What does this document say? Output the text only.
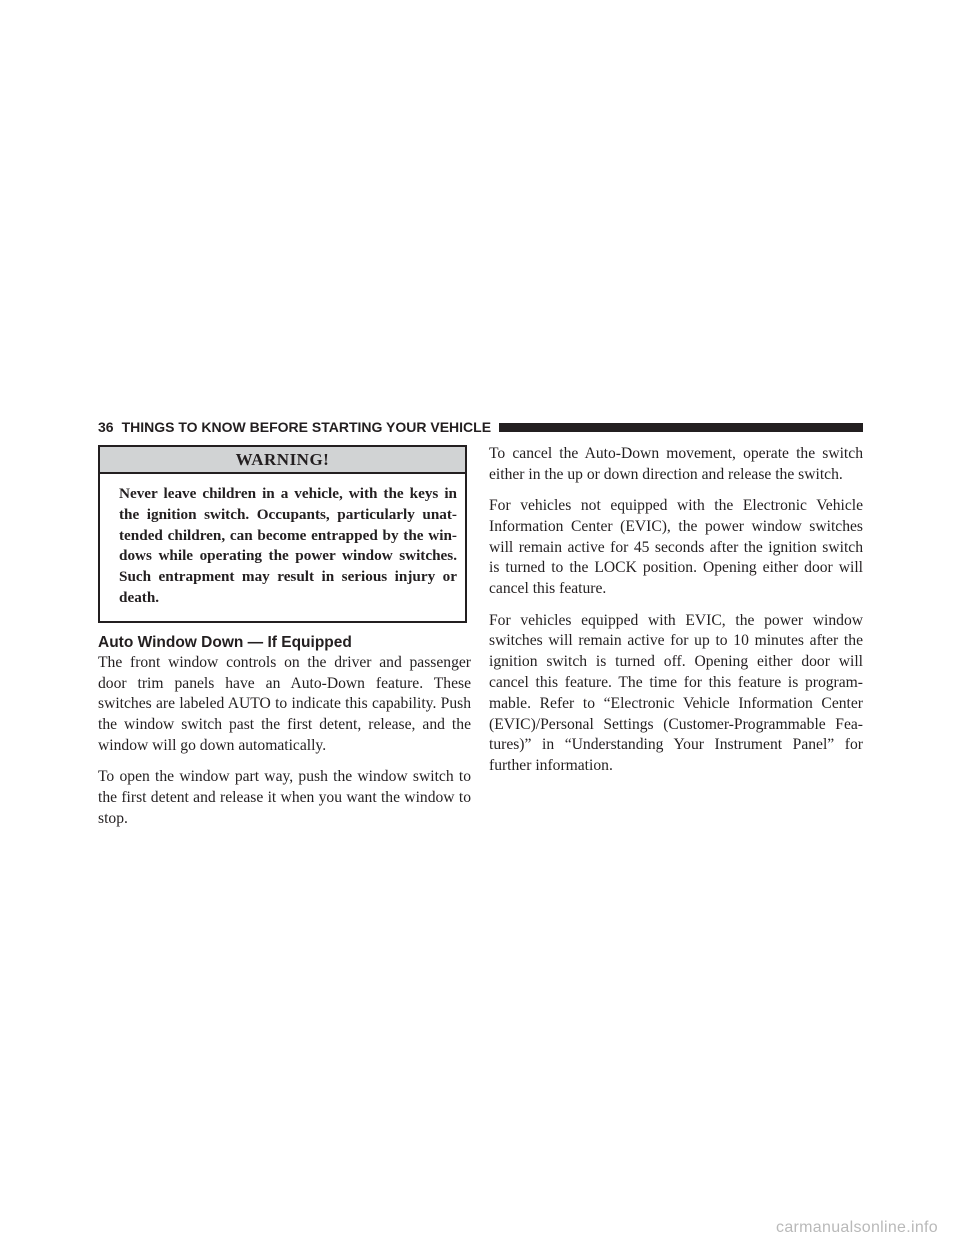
36 THINGS TO KNOW BEFORE STARTING YOUR VEHICLE
WARNING!
Never leave children in a vehicle, with the keys in the ignition switch. Occupants, particularly unat- tended children, can become entrapped by the win- dows while operating the power window switches. Such entrapment may result in serious injury or death.
Auto Window Down — If Equipped

The front window controls on the driver and passenger door trim panels have an Auto-Down feature. These switches are labeled AUTO to indicate this capability. Push the window switch past the first detent, release, and the window will go down automatically.

To open the window part way, push the window switch to the first detent and release it when you want the window to stop.

To cancel the Auto-Down movement, operate the switch either in the up or down direction and release the switch.

For vehicles not equipped with the Electronic Vehicle Information Center (EVIC), the power window switches will remain active for 45 seconds after the ignition switch is turned to the LOCK position. Opening either door will cancel this feature.

For vehicles equipped with EVIC, the power window switches will remain active for up to 10 minutes after the ignition switch is turned off. Opening either door will cancel this feature. The time for this feature is program- mable. Refer to “Electronic Vehicle Information Center (EVIC)/Personal Settings (Customer-Programmable Fea- tures)” in “Understanding Your Instrument Panel” for further information.

carmanualsonline.info
